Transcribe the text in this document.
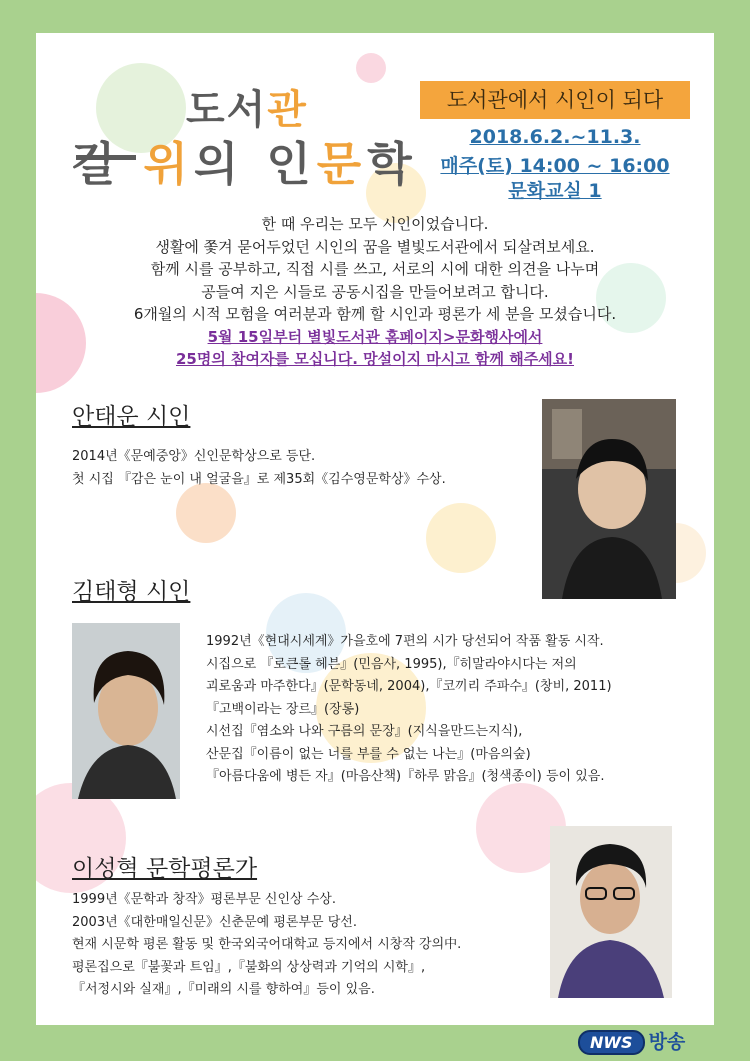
도서관
길 위의 인문학
도서관에서 시인이 되다
2018.6.2.~11.3.
매주(토) 14:00 ~ 16:00
문화교실 1
한 때 우리는 모두 시인이었습니다.
생활에 쫓겨 묻어두었던 시인의 꿈을 별빛도서관에서 되살려보세요.
함께 시를 공부하고, 직접 시를 쓰고, 서로의 시에 대한 의견을 나누며
공들여 지은 시들로 공동시집을 만들어보려고 합니다.
6개월의 시적 모험을 여러분과 함께 할 시인과 평론가 세 분을 모셨습니다.
5월 15일부터 별빛도서관 홈페이지>문화행사에서
25명의 참여자를 모십니다. 망설이지 마시고 함께 해주세요!
안태운 시인
2014년《문예중앙》신인문학상으로 등단.
첫 시집 『감은 눈이 내 얼굴을』로 제35회《김수영문학상》수상.
김태형 시인
1992년《현대시세계》가을호에 7편의 시가 당선되어 작품 활동 시작.
시집으로 『로큰롤 헤븐』(민음사, 1995),『히말라야시다는 저의
괴로움과 마주한다』(문학동네, 2004),『코끼리 주파수』(창비, 2011)
『고백이라는 장르』(장롱)
시선집『염소와 나와 구름의 문장』(지식을만드는지식),
산문집『이름이 없는 너를 부를 수 없는 나는』(마음의숲)
『아름다움에 병든 자』(마음산책)『하루 맑음』(청색종이) 등이 있음.
이성혁 문학평론가
1999년《문학과 창작》평론부문 신인상 수상.
2003년《대한매일신문》신춘문예 평론부문 당선.
현재 시문학 평론 활동 및 한국외국어대학교 등지에서 시창작 강의中.
평론집으로『불꽃과 트임』,『불화의 상상력과 기억의 시학』,
『서정시와 실재』,『미래의 시를 향하여』등이 있음.
NWS 방송
